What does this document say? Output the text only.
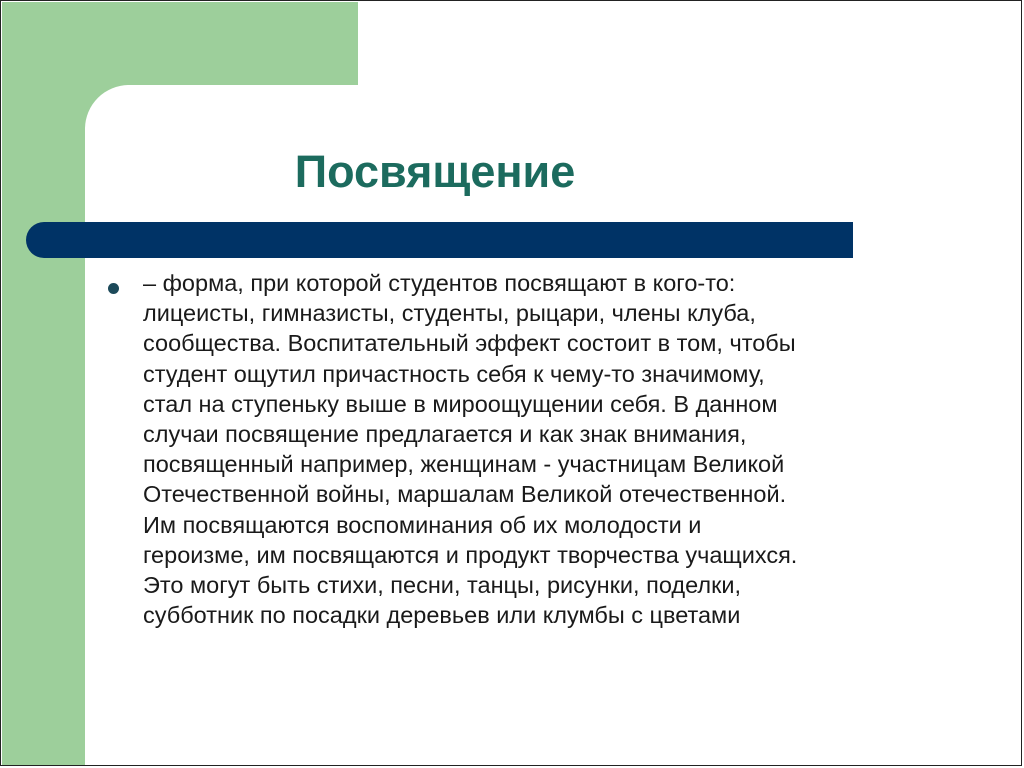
Посвящение

– форма, при которой студентов посвящают в кого-то:
лицеисты, гимназисты, студенты, рыцари, члены клуба,
сообщества. Воспитательный эффект состоит в том, чтобы
студент ощутил причастность себя к чему-то значимому,
стал на ступеньку выше в мироощущении себя. В данном
случаи посвящение предлагается и как знак внимания,
посвященный например, женщинам - участницам Великой
Отечественной войны, маршалам Великой отечественной.
Им посвящаются воспоминания об их молодости и
героизме, им посвящаются и продукт творчества учащихся.
Это могут быть стихи, песни, танцы, рисунки, поделки,
субботник по посадки деревьев или клумбы с цветами
